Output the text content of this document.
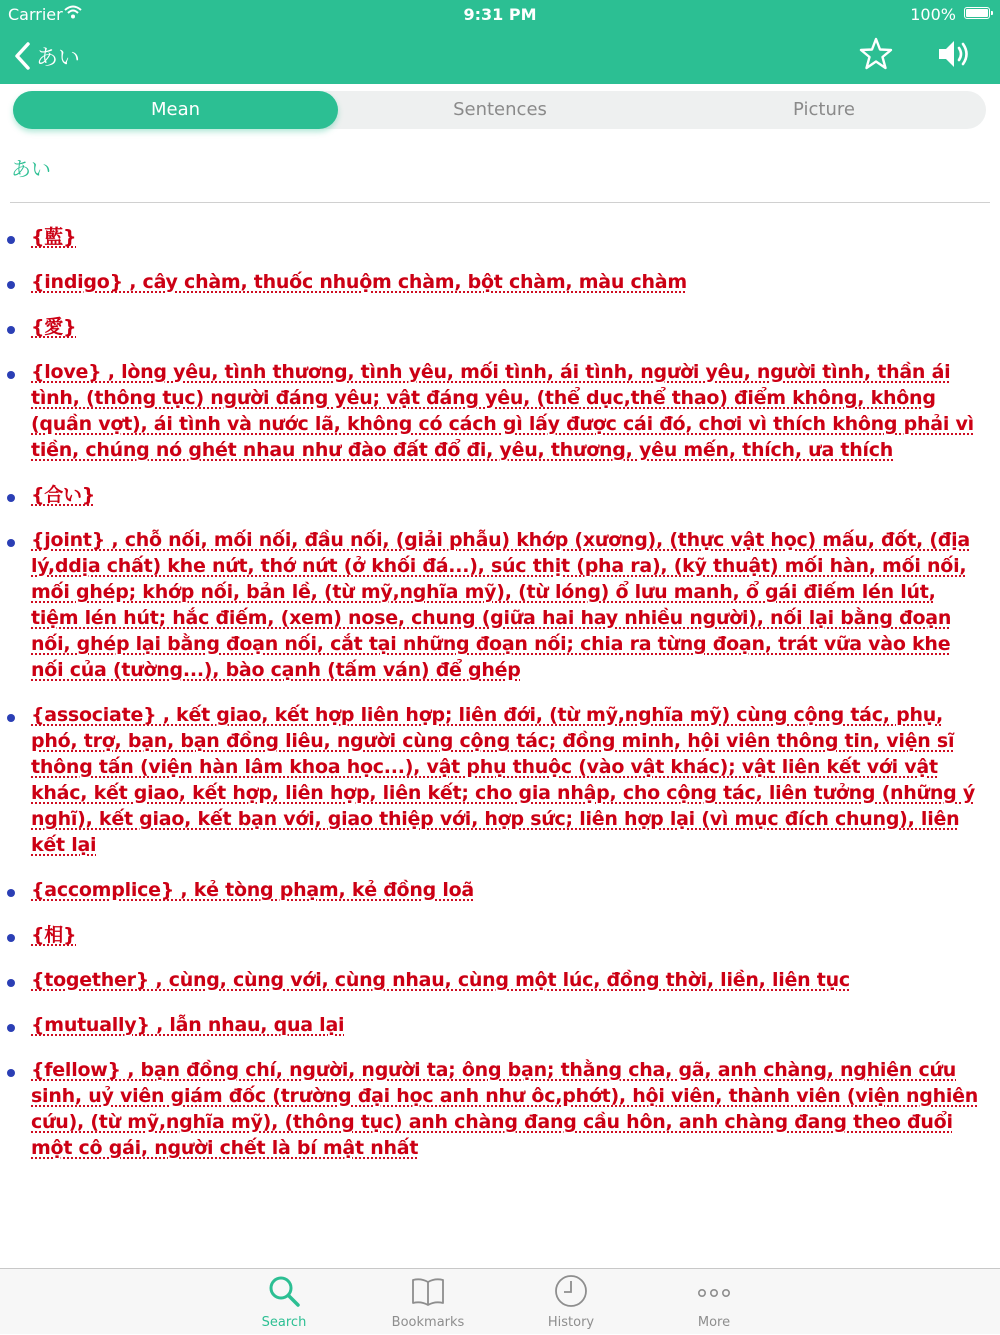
Carrier	9:31 PM	100%
あい
Mean	Sentences	Picture
あい
{藍}
{indigo} , cây chàm, thuốc nhuộm chàm, bột chàm, màu chàm
{愛}
{love} , lòng yêu, tình thương, tình yêu, mối tình, ái tình, người yêu, người tình, thần ái tình, (thông tục) người đáng yêu; vật đáng yêu, (thể dục,thể thao) điểm không, không (quần vợt), ái tình và nước lã, không có cách gì lấy được cái đó, chơi vì thích không phải vì tiền, chúng nó ghét nhau như đào đất đổ đi, yêu, thương, yêu mến, thích, ưa thích
{合い}
{joint} , chỗ nối, mối nối, đầu nối, (giải phẫu) khớp (xương), (thực vật học) mấu, đốt, (địa lý,ddịa chất) khe nứt, thớ nứt (ở khối đá...), súc thịt (pha ra), (kỹ thuật) mối hàn, mối nối, mối ghép; khớp nối, bản lề, (từ mỹ,nghĩa mỹ), (từ lóng) ổ lưu manh, ổ gái điếm lén lút, tiệm lén hút; hắc điếm, (xem) nose, chung (giữa hai hay nhiều người), nối lại bằng đoạn nối, ghép lại bằng đoạn nối, cắt tại những đoạn nối; chia ra từng đoạn, trát vữa vào khe nối của (tường...), bào cạnh (tấm ván) để ghép
{associate} , kết giao, kết hợp liên hợp; liên đới, (từ mỹ,nghĩa mỹ) cùng cộng tác, phụ, phó, trợ, bạn, bạn đồng liêu, người cùng cộng tác; đồng minh, hội viên thông tin, viện sĩ thông tấn (viện hàn lâm khoa học...), vật phụ thuộc (vào vật khác); vật liên kết với vật khác, kết giao, kết hợp, liên hợp, liên kết; cho gia nhập, cho cộng tác, liên tưởng (những ý nghĩ), kết giao, kết bạn với, giao thiệp với, hợp sức; liên hợp lại (vì mục đích chung), liên kết lại
{accomplice} , kẻ tòng phạm, kẻ đồng loã
{相}
{together} , cùng, cùng với, cùng nhau, cùng một lúc, đồng thời, liền, liên tục
{mutually} , lẫn nhau, qua lại
{fellow} , bạn đồng chí, người, người ta; ông bạn; thằng cha, gã, anh chàng, nghiên cứu sinh, uỷ viên giám đốc (trường đại học anh như ôc,phớt), hội viên, thành viên (viện nghiên cứu), (từ mỹ,nghĩa mỹ), (thông tục) anh chàng đang cầu hôn, anh chàng đang theo đuổi một cô gái, người chết là bí mật nhất
Search	Bookmarks	History	More
